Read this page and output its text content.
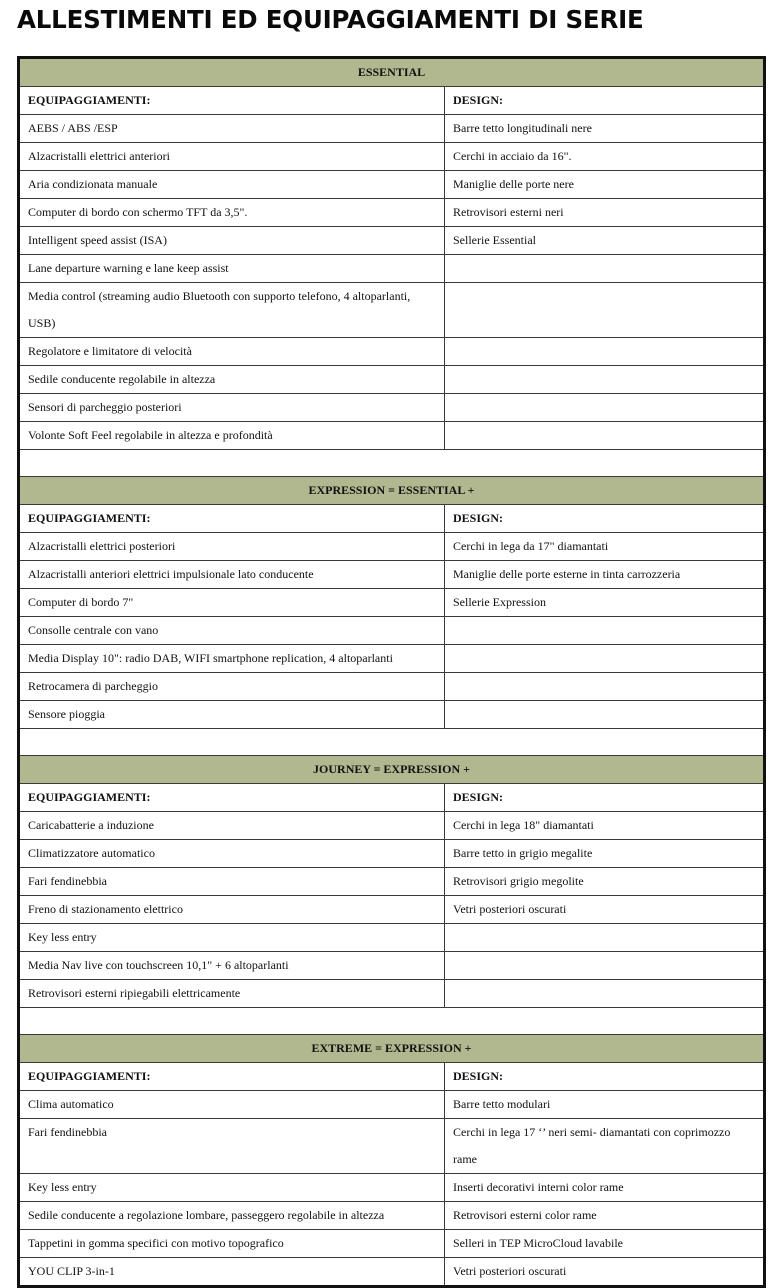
ALLESTIMENTI ED EQUIPAGGIAMENTI DI SERIE
ESSENTIAL	
EQUIPAGGIAMENTI:	DESIGN:
AEBS / ABS /ESP	Barre tetto longitudinali nere
Alzacristalli elettrici anteriori	Cerchi in acciaio da 16".
Aria condizionata manuale	Maniglie delle porte nere
Computer di bordo con schermo TFT da 3,5".	Retrovisori esterni neri
Intelligent speed assist (ISA)	Sellerie Essential
Lane departure warning e lane keep assist	
Media control (streaming audio Bluetooth con supporto telefono, 4 altoparlanti, USB)	
Regolatore e limitatore di velocità	
Sedile conducente regolabile in altezza	
Sensori di parcheggio posteriori	
Volonte Soft Feel regolabile in altezza e profondità	

EXPRESSION = ESSENTIAL +	
EQUIPAGGIAMENTI:	DESIGN:
Alzacristalli elettrici posteriori	Cerchi in lega da 17" diamantati
Alzacristalli anteriori elettrici impulsionale lato conducente	Maniglie delle porte esterne in tinta carrozzeria
Computer di bordo 7"	Sellerie Expression
Consolle centrale con vano	
Media Display 10": radio DAB, WIFI smartphone replication, 4 altoparlanti	
Retrocamera di parcheggio	
Sensore pioggia	

JOURNEY = EXPRESSION +	
EQUIPAGGIAMENTI:	DESIGN:
Caricabatterie a induzione	Cerchi in lega 18" diamantati
Climatizzatore automatico	Barre tetto in grigio megalite
Fari fendinebbia	Retrovisori grigio megolite
Freno di stazionamento elettrico	Vetri posteriori oscurati
Key less entry	
Media Nav live con touchscreen 10,1" + 6 altoparlanti	
Retrovisori esterni ripiegabili elettricamente	

EXTREME = EXPRESSION +	
EQUIPAGGIAMENTI:	DESIGN:
Clima automatico	Barre tetto modulari
Fari fendinebbia	Cerchi in lega 17 ‘’ neri semi- diamantati con coprimozzo rame
Key less entry	Inserti decorativi interni color rame
Sedile conducente a regolazione lombare, passeggero regolabile in altezza	Retrovisori esterni color rame
Tappetini in gomma specifici con motivo topografico	Selleri in TEP MicroCloud lavabile
YOU CLIP 3-in-1	Vetri posteriori oscurati
